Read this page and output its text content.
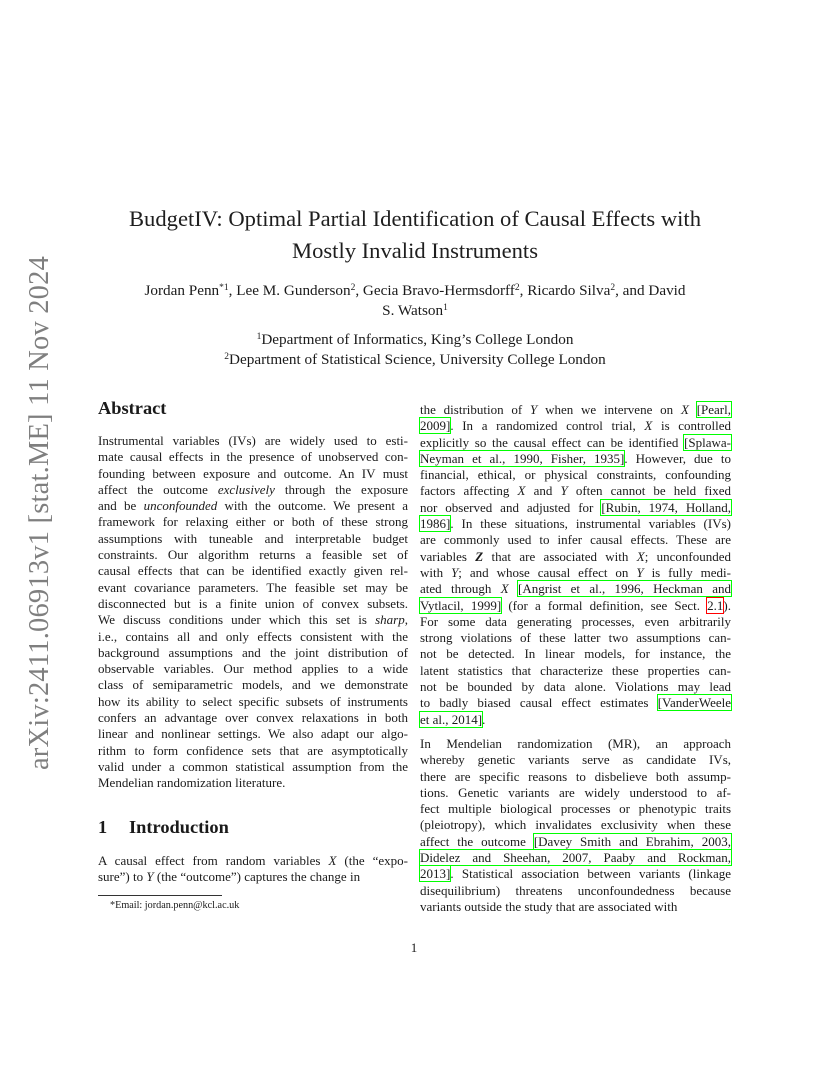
arXiv:2411.06913v1 [stat.ME] 11 Nov 2024
BudgetIV: Optimal Partial Identification of Causal Effects with
Mostly Invalid Instruments
Jordan Penn$^{*1}$, Lee M. Gunderson$^2$, Gecia Bravo-Hermsdorff$^2$, Ricardo Silva$^2$, and David
S. Watson$^1$
$^1$Department of Informatics, King’s College London
$^2$Department of Statistical Science, University College London
Abstract
Instrumental variables (IVs) are widely used to esti-
mate causal effects in the presence of unobserved con-
founding between exposure and outcome. An IV must
affect the outcome exclusively through the exposure
and be unconfounded with the outcome. We present a
framework for relaxing either or both of these strong
assumptions with tuneable and interpretable budget
constraints. Our algorithm returns a feasible set of
causal effects that can be identified exactly given rel-
evant covariance parameters. The feasible set may be
disconnected but is a finite union of convex subsets.
We discuss conditions under which this set is sharp,
i.e., contains all and only effects consistent with the
background assumptions and the joint distribution of
observable variables. Our method applies to a wide
class of semiparametric models, and we demonstrate
how its ability to select specific subsets of instruments
confers an advantage over convex relaxations in both
linear and nonlinear settings. We also adapt our algo-
rithm to form confidence sets that are asymptotically
valid under a common statistical assumption from the
Mendelian randomization literature.
1 Introduction
A causal effect from random variables X (the “expo-
sure”) to Y (the “outcome”) captures the change in
*Email: jordan.penn@kcl.ac.uk
the distribution of Y when we intervene on X [Pearl,
2009]. In a randomized control trial, X is controlled
explicitly so the causal effect can be identified [Splawa-
Neyman et al., 1990, Fisher, 1935]. However, due to
financial, ethical, or physical constraints, confounding
factors affecting X and Y often cannot be held fixed
nor observed and adjusted for [Rubin, 1974, Holland,
1986]. In these situations, instrumental variables (IVs)
are commonly used to infer causal effects. These are
variables Z that are associated with X; unconfounded
with Y; and whose causal effect on Y is fully medi-
ated through X [Angrist et al., 1996, Heckman and
Vytlacil, 1999] (for a formal definition, see Sect. 2.1).
For some data generating processes, even arbitrarily
strong violations of these latter two assumptions can-
not be detected. In linear models, for instance, the
latent statistics that characterize these properties can-
not be bounded by data alone. Violations may lead
to badly biased causal effect estimates [VanderWeele
et al., 2014].
In Mendelian randomization (MR), an approach
whereby genetic variants serve as candidate IVs,
there are specific reasons to disbelieve both assump-
tions. Genetic variants are widely understood to af-
fect multiple biological processes or phenotypic traits
(pleiotropy), which invalidates exclusivity when these
affect the outcome [Davey Smith and Ebrahim, 2003,
Didelez and Sheehan, 2007, Paaby and Rockman,
2013]. Statistical association between variants (linkage
disequilibrium) threatens unconfoundedness because
variants outside the study that are associated with
1
